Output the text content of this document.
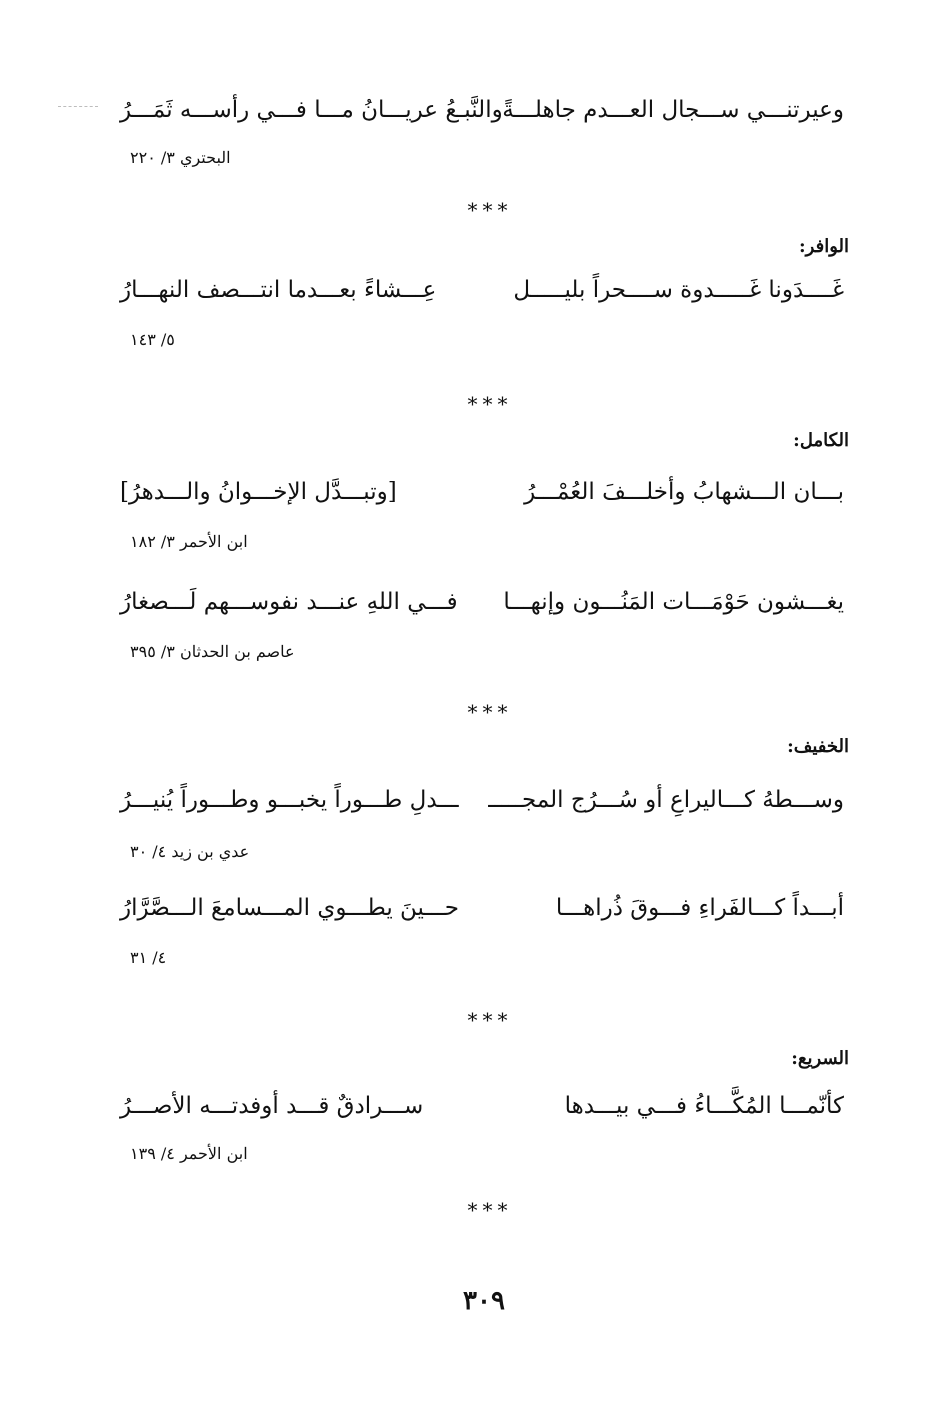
وعيرتنـــي ســـجال العـــدم جاهلـــةً
والنَّبـعُ عريـــانُ مـــا فـــي رأســـه ثَمَـــرُ
البحتري ٣/ ٢٢٠
***
الوافر:
غَــــدَونا غَـــــدوة ســــحراً بليـــــل
عِـــشاءً بعـــدما انتـــصف النهـــارُ
٥/ ١٤٣
***
الكامل:
بـــان الـــشهابُ وأخلـــفَ العُمْـــرُ
[وتبـــدَّل الإخـــوانُ والـــدهرُ]
ابن الأحمر ٣/ ١٨٢
يغـــشون حَوْمَـــات المَنُـــون وإنهـــا
فـــي اللهِ عنـــد نفوســـهم لَـــصغارُ
عاصم بن الحدثان ٣/ ٣٩٥
***
الخفيف:
وســـطهُ كـــاليراعِ أو سُـــرُج المجـــــ
ـــدلِ طـــوراً يخبـــو وطـــوراً يُنيـــرُ
عدي بن زيد ٤/ ٣٠
أبـــداً كـــالفَراءِ فـــوقَ ذُراهـــا
حـــينَ يطـــوي المـــسامعَ الـــصَّرَّارُ
٤/ ٣١
***
السريع:
كأنّمـــا المُكَّـــاءُ فـــي بيـــدها
ســـرادقٌ قـــد أوفدتـــه الأصـــرُ
ابن الأحمر ٤/ ١٣٩
***
٣٠٩
